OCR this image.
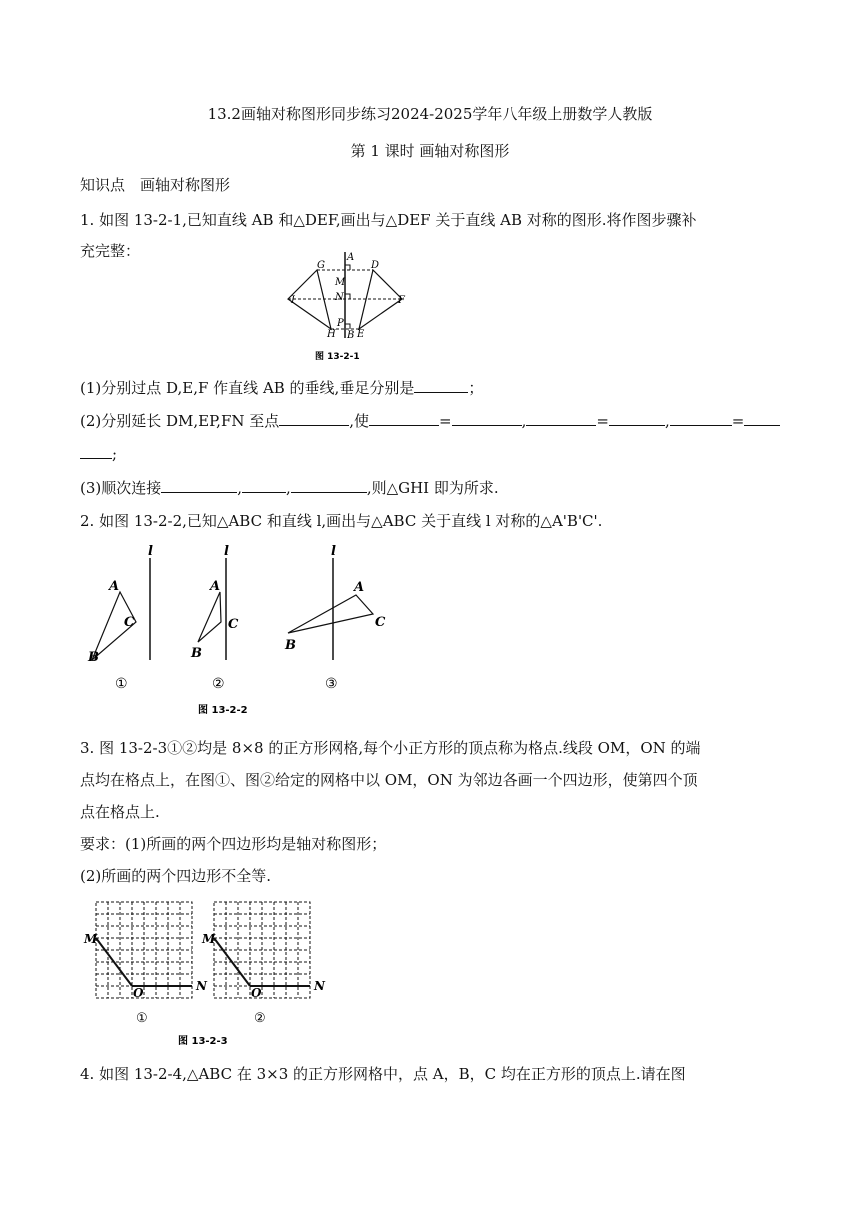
13.2画轴对称图形同步练习2024-2025学年八年级上册数学人教版
第 1 课时 画轴对称图形
知识点　画轴对称图形
1. 如图 13-2-1,已知直线 AB 和△DEF,画出与△DEF 关于直线 AB 对称的图形.将作图步骤补
充完整：	A
B
D
E
F
G
H
I
M
N
P
图 13-2-1
(1)分别过点 D,E,F 作直线 AB 的垂线,垂足分别是	；
(2)分别延长 DM,EP,FN 至点	,使	=	,	=	,	=
;
(3)顺次连接	,	,	,则△GHI 即为所求.
2. 如图 13-2-2,已知△ABC 和直线 l,画出与△ABC 关于直线 l 对称的△A'B'C'.
l
A
C
B
①
l
A
C
B
②
l
A
C
B
③
图 13-2-2
3. 图 13-2-3①②均是 8×8 的正方形网格,每个小正方形的顶点称为格点.线段 OM，ON 的端
点均在格点上，在图①、图②给定的网格中以 OM，ON 为邻边各画一个四边形，使第四个顶
点在格点上.
要求：(1)所画的两个四边形均是轴对称图形；
(2)所画的两个四边形不全等.
M
O	N
①
M
O	N
②
图 13-2-3
4. 如图 13-2-4,△ABC 在 3×3 的正方形网格中，点 A，B，C 均在正方形的顶点上.请在图
